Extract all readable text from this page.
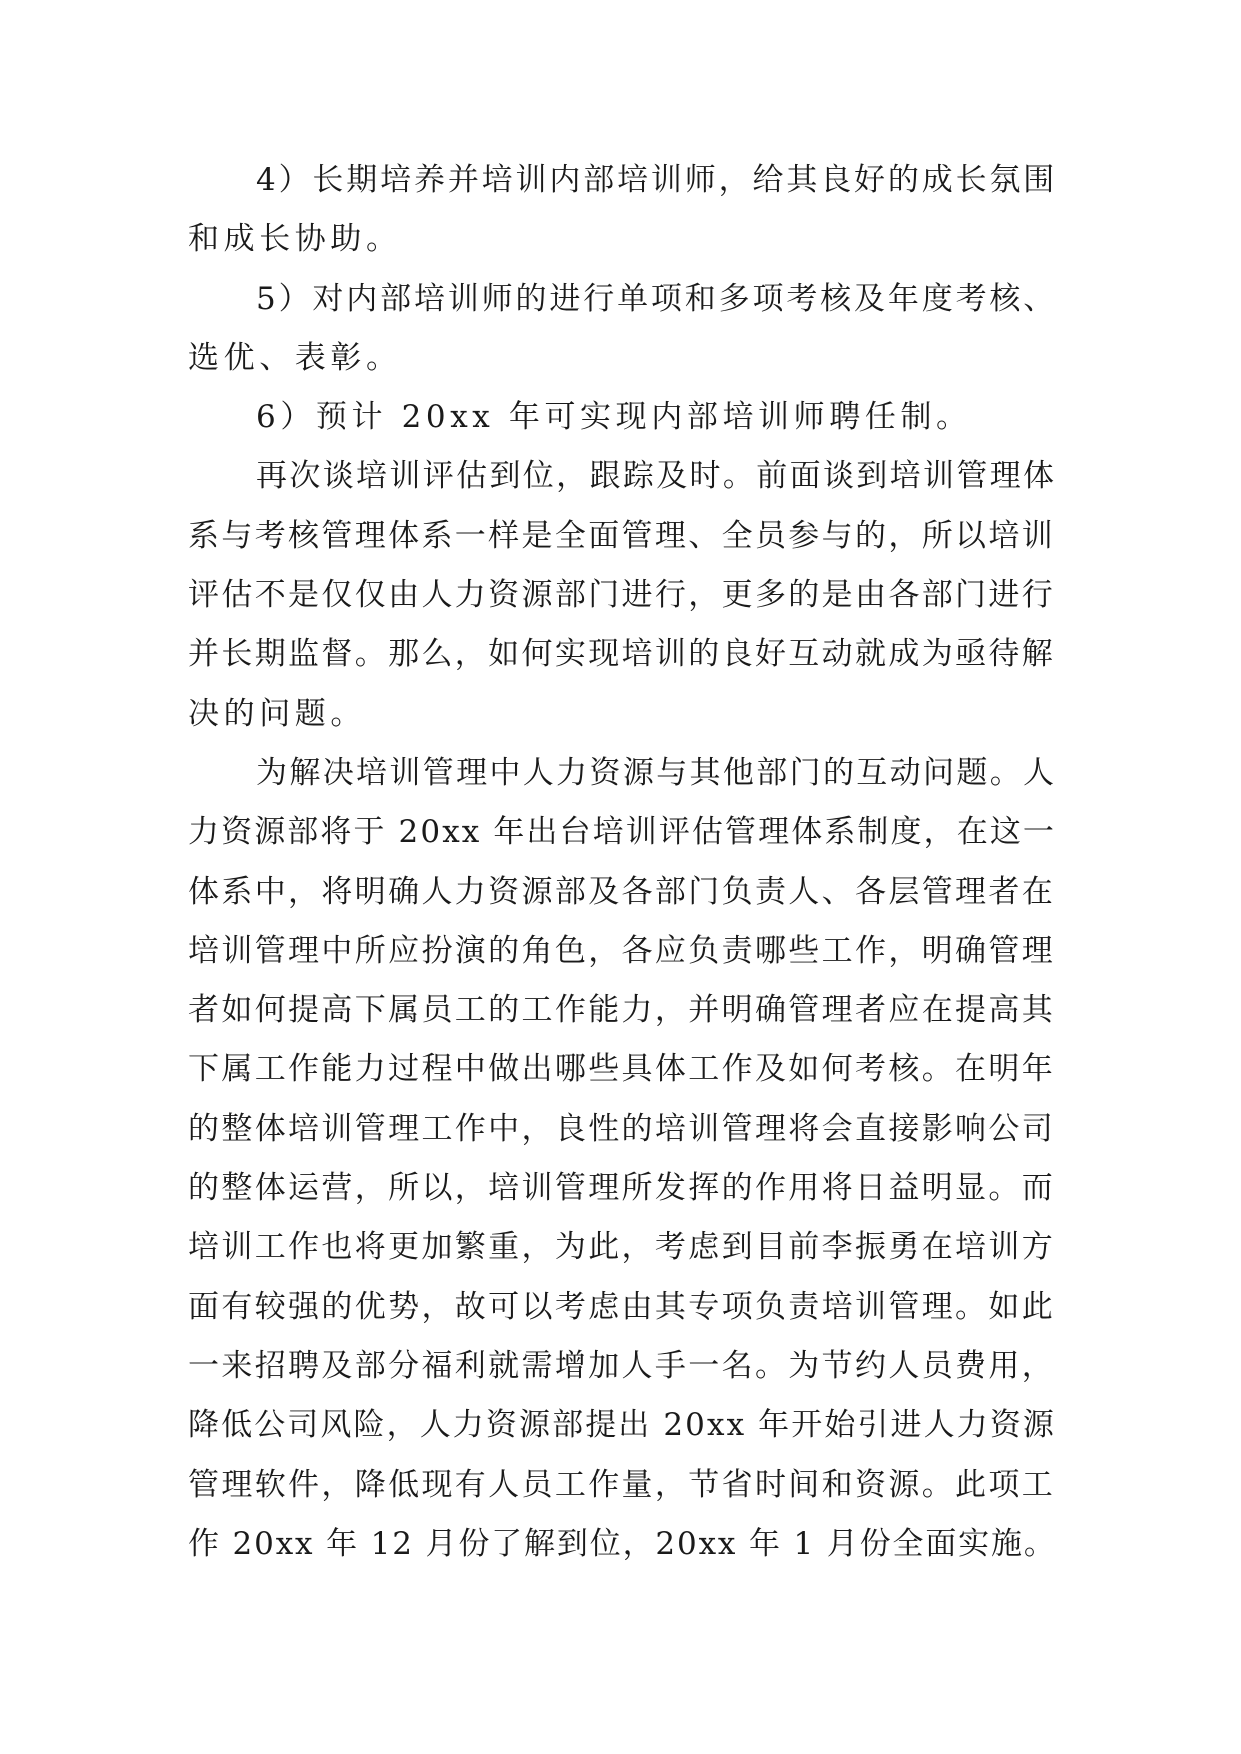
4）长期培养并培训内部培训师，给其良好的成长氛围
和成长协助。
5）对内部培训师的进行单项和多项考核及年度考核、
选优、表彰。
6）预计 20xx 年可实现内部培训师聘任制。
再次谈培训评估到位，跟踪及时。前面谈到培训管理体
系与考核管理体系一样是全面管理、全员参与的，所以培训
评估不是仅仅由人力资源部门进行，更多的是由各部门进行
并长期监督。那么，如何实现培训的良好互动就成为亟待解
决的问题。
为解决培训管理中人力资源与其他部门的互动问题。人
力资源部将于 20xx 年出台培训评估管理体系制度，在这一
体系中，将明确人力资源部及各部门负责人、各层管理者在
培训管理中所应扮演的角色，各应负责哪些工作，明确管理
者如何提高下属员工的工作能力，并明确管理者应在提高其
下属工作能力过程中做出哪些具体工作及如何考核。在明年
的整体培训管理工作中，良性的培训管理将会直接影响公司
的整体运营，所以，培训管理所发挥的作用将日益明显。而
培训工作也将更加繁重，为此，考虑到目前李振勇在培训方
面有较强的优势，故可以考虑由其专项负责培训管理。如此
一来招聘及部分福利就需增加人手一名。为节约人员费用，
降低公司风险，人力资源部提出 20xx 年开始引进人力资源
管理软件，降低现有人员工作量，节省时间和资源。此项工
作 20xx 年 12 月份了解到位，20xx 年 1 月份全面实施。
